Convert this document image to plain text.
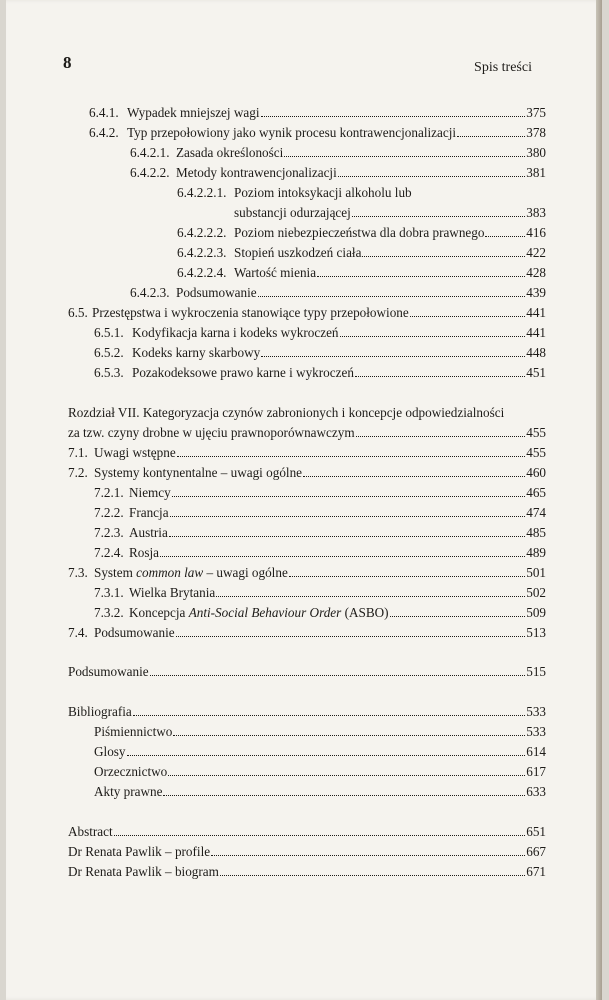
8	Spis treści
6.4.1. Wypadek mniejszej wagi	375
6.4.2. Typ przepołowiony jako wynik procesu kontrawencjonalizacji	378
6.4.2.1. Zasada określoności	380
6.4.2.2. Metody kontrawencjonalizacji	381
6.4.2.2.1. Poziom intoksykacji alkoholu lub
substancji odurzającej	383
6.4.2.2.2. Poziom niebezpieczeństwa dla dobra prawnego	416
6.4.2.2.3. Stopień uszkodzeń ciała	422
6.4.2.2.4. Wartość mienia	428
6.4.2.3. Podsumowanie	439
6.5. Przestępstwa i wykroczenia stanowiące typy przepołowione	441
6.5.1. Kodyfikacja karna i kodeks wykroczeń	441
6.5.2. Kodeks karny skarbowy	448
6.5.3. Pozakodeksowe prawo karne i wykroczeń	451
Rozdział VII. Kategoryzacja czynów zabronionych i koncepcje odpowiedzialności
za tzw. czyny drobne w ujęciu prawnoporównawczym	455
7.1. Uwagi wstępne	455
7.2. Systemy kontynentalne – uwagi ogólne	460
7.2.1. Niemcy	465
7.2.2. Francja	474
7.2.3. Austria	485
7.2.4. Rosja	489
7.3. System common law – uwagi ogólne	501
7.3.1. Wielka Brytania	502
7.3.2. Koncepcja Anti-Social Behaviour Order (ASBO)	509
7.4. Podsumowanie	513
Podsumowanie	515
Bibliografia	533
Piśmiennictwo	533
Glosy	614
Orzecznictwo	617
Akty prawne	633
Abstract	651
Dr Renata Pawlik – profile	667
Dr Renata Pawlik – biogram	671
